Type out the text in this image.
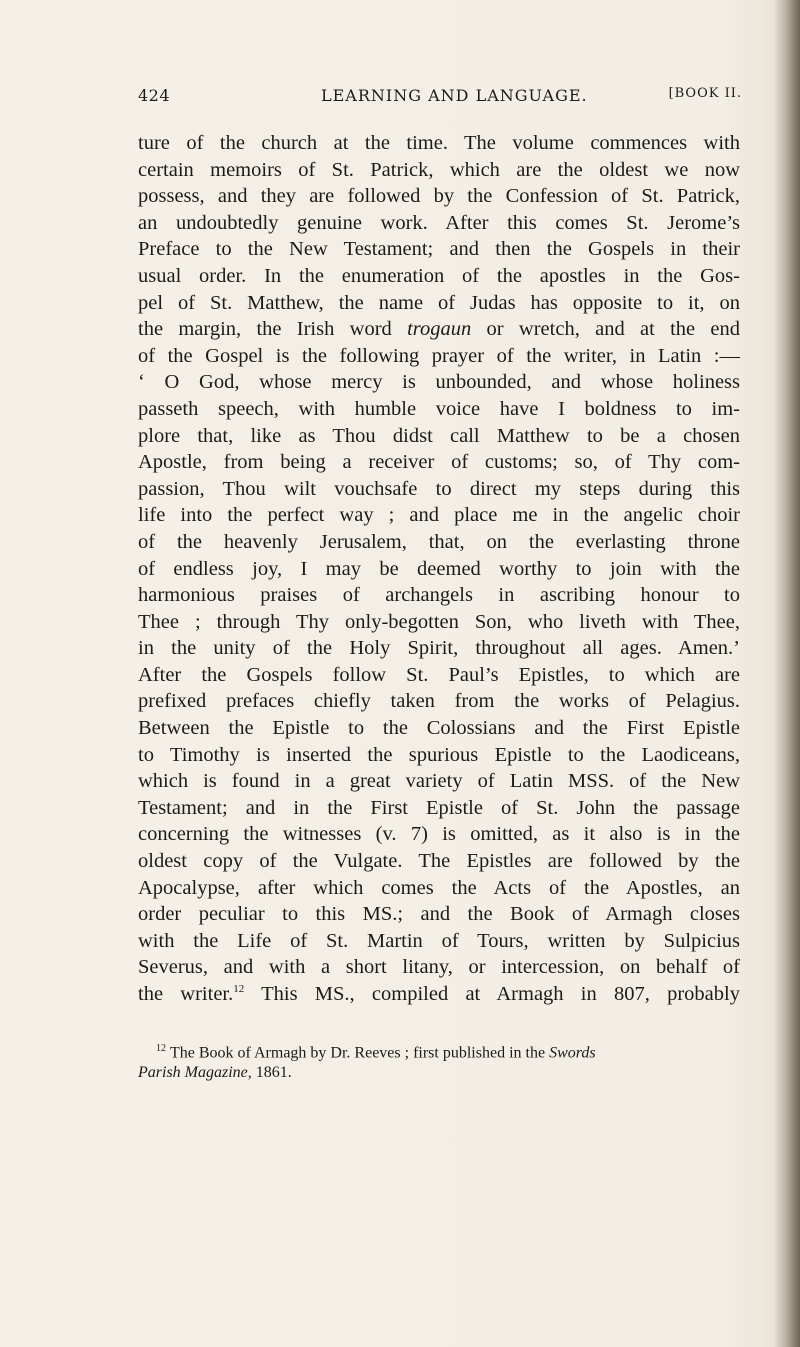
424	LEARNING AND LANGUAGE.	[BOOK II.
ture of the church at the time. The volume commences with
certain memoirs of St. Patrick, which are the oldest we now
possess, and they are followed by the Confession of St. Patrick,
an undoubtedly genuine work. After this comes St. Jerome’s
Preface to the New Testament; and then the Gospels in their
usual order. In the enumeration of the apostles in the Gos-
pel of St. Matthew, the name of Judas has opposite to it, on
the margin, the Irish word trogaun or wretch, and at the end
of the Gospel is the following prayer of the writer, in Latin :—
‘ O God, whose mercy is unbounded, and whose holiness
passeth speech, with humble voice have I boldness to im-
plore that, like as Thou didst call Matthew to be a chosen
Apostle, from being a receiver of customs; so, of Thy com-
passion, Thou wilt vouchsafe to direct my steps during this
life into the perfect way ; and place me in the angelic choir
of the heavenly Jerusalem, that, on the everlasting throne
of endless joy, I may be deemed worthy to join with the
harmonious praises of archangels in ascribing honour to
Thee ; through Thy only-begotten Son, who liveth with Thee,
in the unity of the Holy Spirit, throughout all ages. Amen.’
After the Gospels follow St. Paul’s Epistles, to which are
prefixed prefaces chiefly taken from the works of Pelagius.
Between the Epistle to the Colossians and the First Epistle
to Timothy is inserted the spurious Epistle to the Laodiceans,
which is found in a great variety of Latin MSS. of the New
Testament; and in the First Epistle of St. John the passage
concerning the witnesses (v. 7) is omitted, as it also is in the
oldest copy of the Vulgate. The Epistles are followed by the
Apocalypse, after which comes the Acts of the Apostles, an
order peculiar to this MS.; and the Book of Armagh closes
with the Life of St. Martin of Tours, written by Sulpicius
Severus, and with a short litany, or intercession, on behalf of
the writer.$^{12}$ This MS., compiled at Armagh in 807, probably
$^{12}$ The Book of Armagh by Dr. Reeves ; first published in the Swords
Parish Magazine, 1861.
